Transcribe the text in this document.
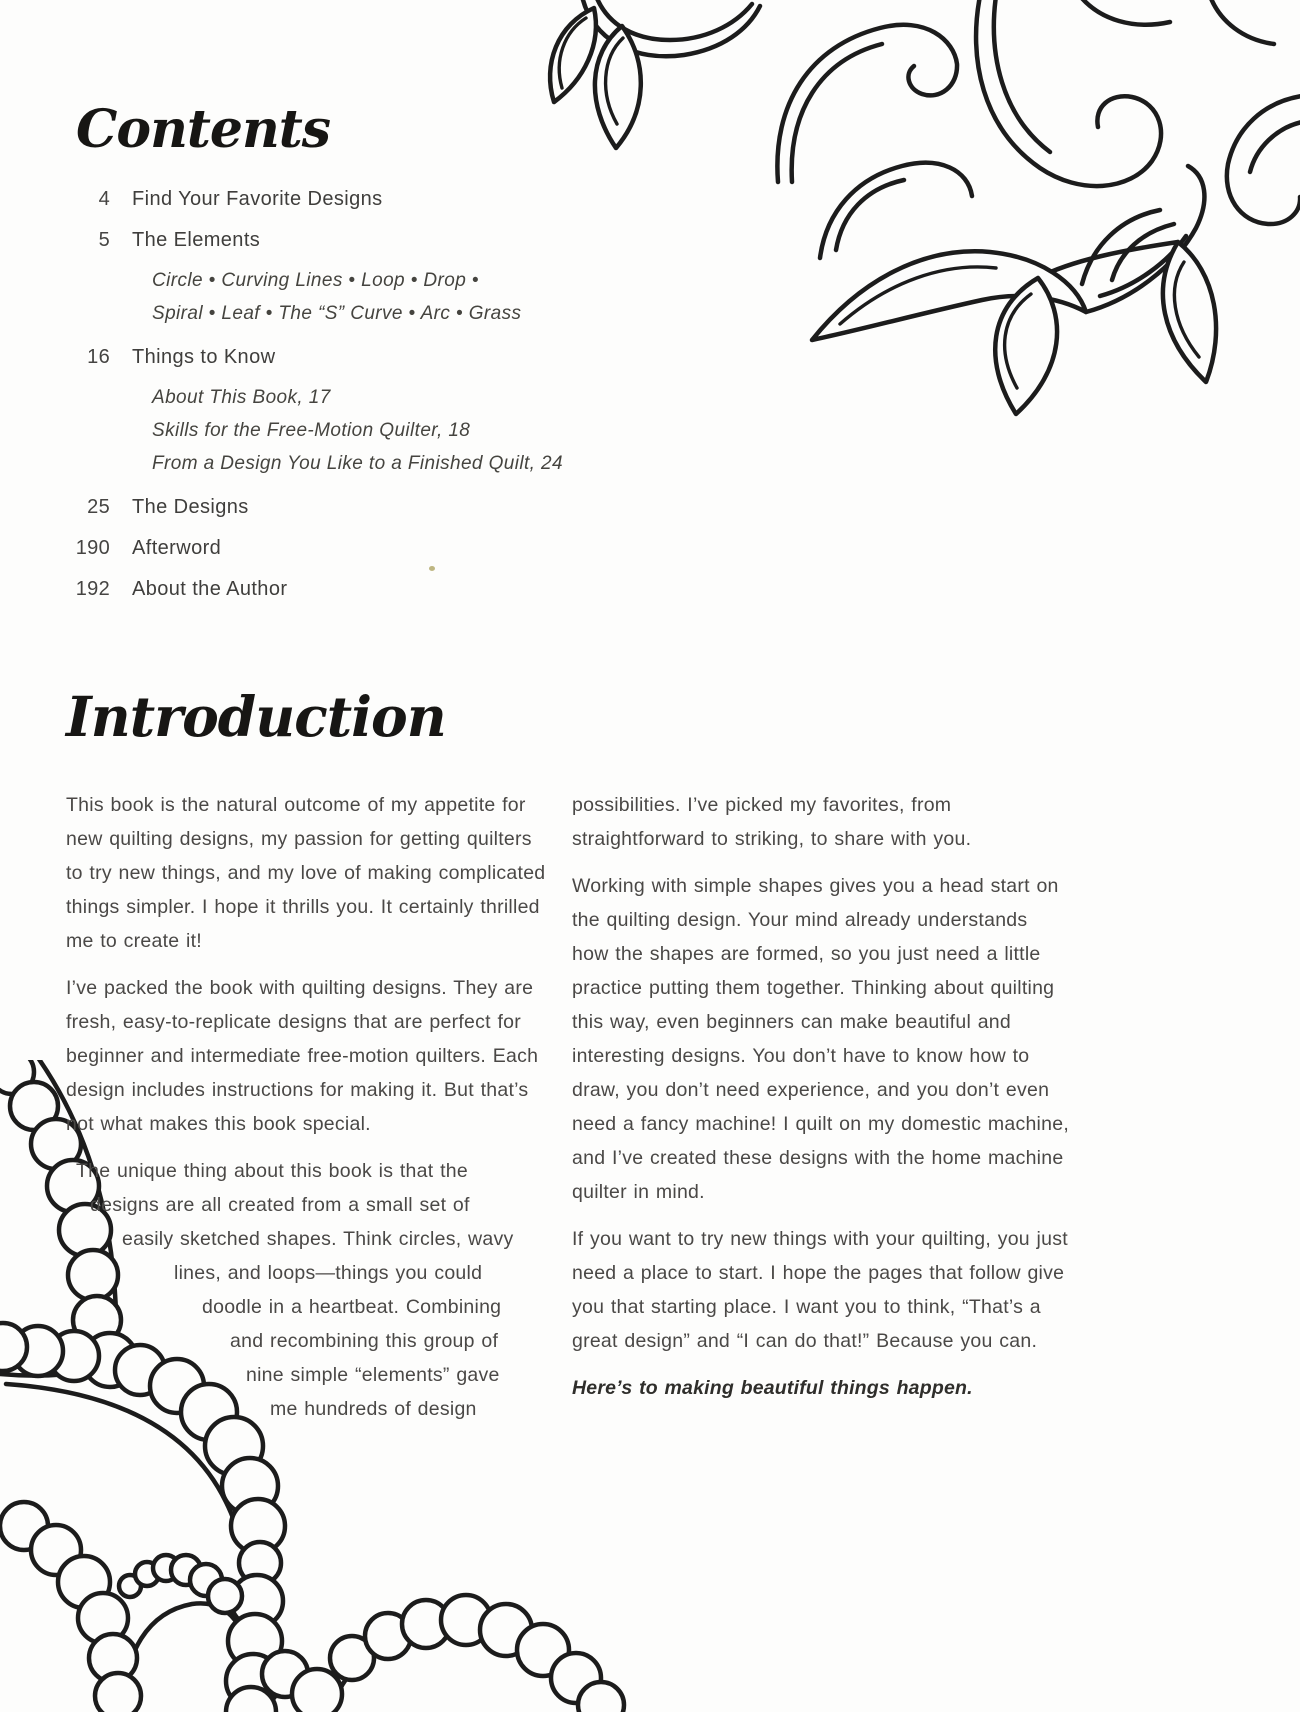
Contents
4 Find Your Favorite Designs
5 The Elements
Circle • Curving Lines • Loop • Drop •
Spiral • Leaf • The “S” Curve • Arc • Grass
16 Things to Know
About This Book, 17
Skills for the Free-Motion Quilter, 18
From a Design You Like to a Finished Quilt, 24
25 The Designs
190 Afterword
192 About the Author
Introduction

This book is the natural outcome of my appetite for new quilting designs, my passion for getting quilters to try new things, and my love of making complicated things simpler. I hope it thrills you. It certainly thrilled me to create it!

I’ve packed the book with quilting designs. They are fresh, easy-to-replicate designs that are perfect for beginner and intermediate free-motion quilters. Each design includes instructions for making it. But that’s not what makes this book special.

The unique thing about this book is that the
designs are all created from a small set of
easily sketched shapes. Think circles, wavy
lines, and loops—things you could
doodle in a heartbeat. Combining
and recombining this group of
nine simple “elements” gave
me hundreds of design

possibilities. I’ve picked my favorites, from straightforward to striking, to share with you.

Working with simple shapes gives you a head start on the quilting design. Your mind already understands how the shapes are formed, so you just need a little practice putting them together. Thinking about quilting this way, even beginners can make beautiful and interesting designs. You don’t have to know how to draw, you don’t need experience, and you don’t even need a fancy machine! I quilt on my domestic machine, and I’ve created these designs with the home machine quilter in mind.

If you want to try new things with your quilting, you just need a place to start. I hope the pages that follow give you that starting place. I want you to think, “That’s a great design” and “I can do that!” Because you can.

Here’s to making beautiful things happen.
